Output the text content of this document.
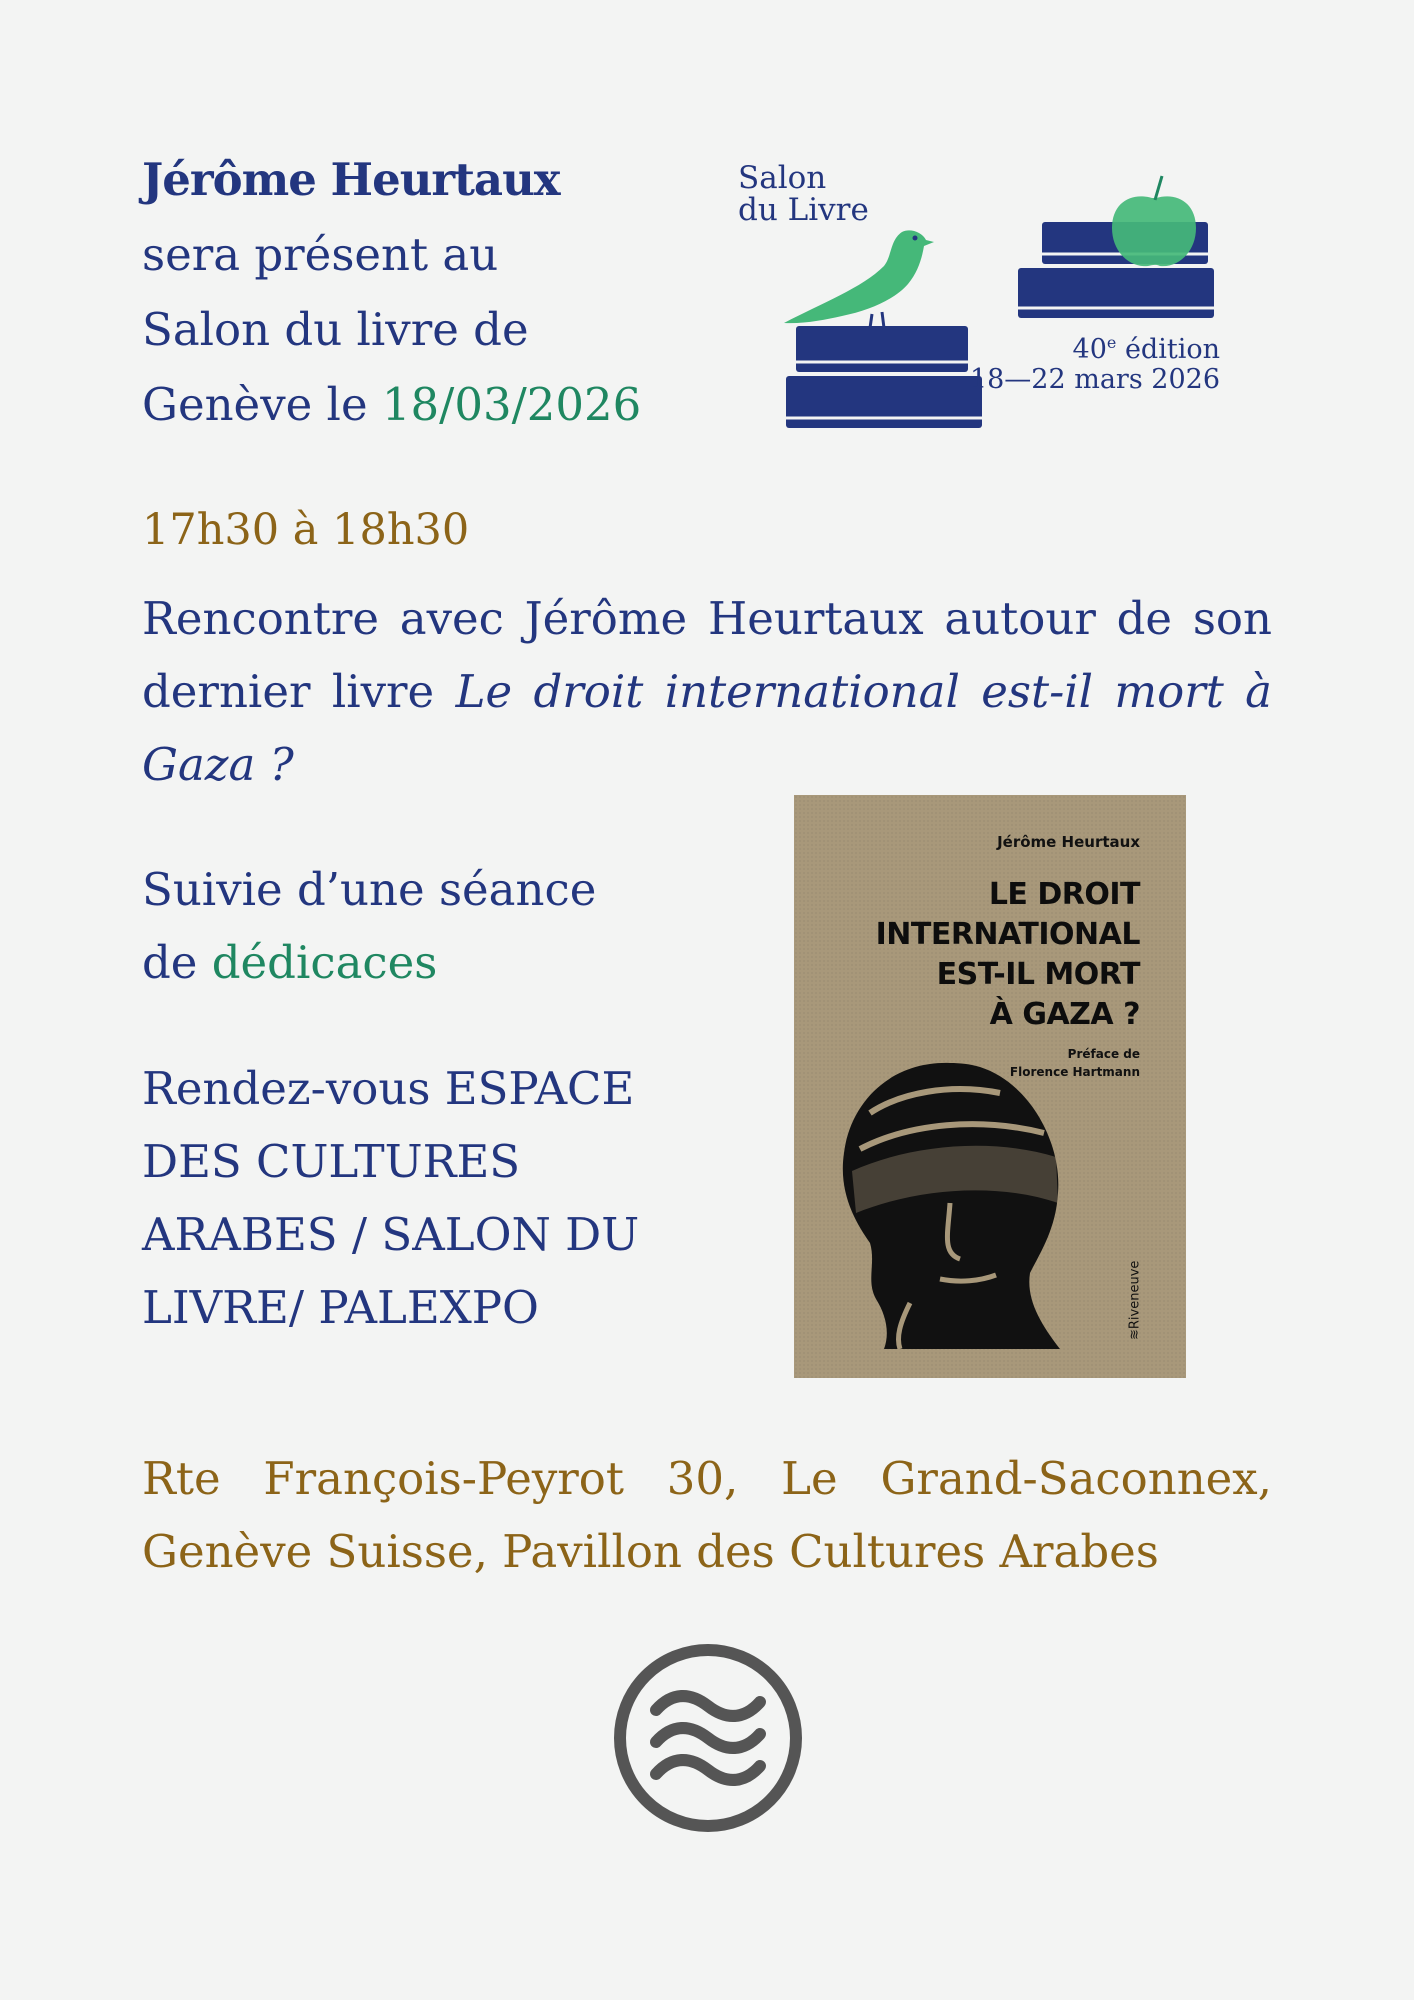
Jérôme Heurtaux
sera présent au
Salon du livre de
Genève le 18/03/2026
Salon
du Livre
40e édition
18—22 mars 2026
17h30 à 18h30
Rencontre avec Jérôme Heurtaux autour de son dernier livre Le droit international est-il mort à Gaza ?
Suivie d’une séance
de dédicaces
Rendez-vous ESPACE
DES CULTURES
ARABES / SALON DU
LIVRE/ PALEXPO
Jérôme Heurtaux
LE DROIT
INTERNATIONAL
EST-IL MORT
À GAZA ?
Préface de
Florence Hartmann
≋Riveneuve
Rte François-Peyrot 30, Le Grand-Saconnex, Genève Suisse, Pavillon des Cultures Arabes
